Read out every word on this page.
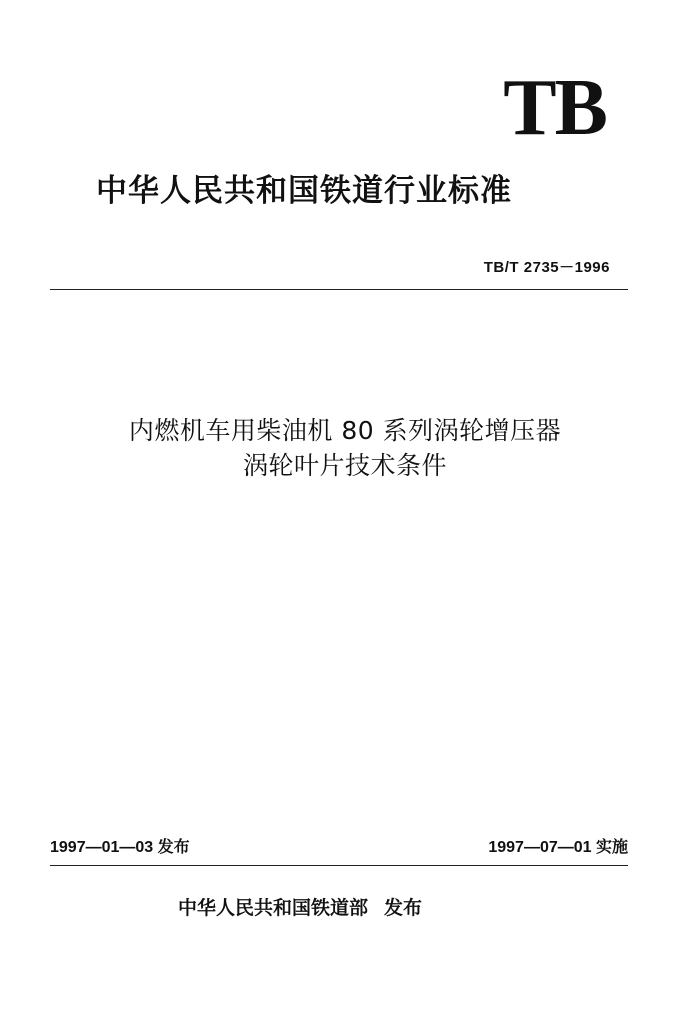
TB
中华人民共和国铁道行业标准
TB/T 2735－1996
内燃机车用柴油机 80 系列涡轮增压器
涡轮叶片技术条件
1997—01—03 发布	1997—07—01 实施
中华人民共和国铁道部 发布
